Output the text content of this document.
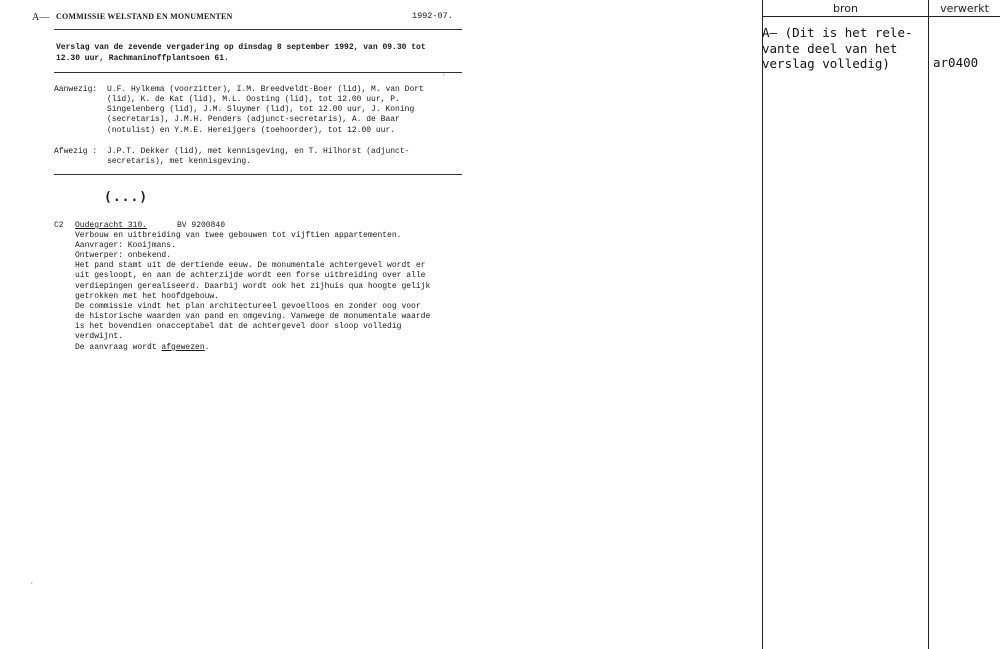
A— COMMISSIE WELSTAND EN MONUMENTEN	1992-07.
Verslag van de zevende vergadering op dinsdag 8 september 1992, van 09.30 tot
12.30 uur, Rachmaninoffplantsoen 61.
·
Aanwezig: U.F. Hylkema (voorzitter), I.M. Breedveldt-Boer (lid), M. van Dort
(lid), K. de Kat (lid), M.L. Oosting (lid), tot 12.00 uur, P.
Singelenberg (lid), J.M. Sluymer (lid), tot 12.00 uur, J. Koning
(secretaris), J.M.H. Penders (adjunct-secretaris), A. de Baar
(notulist) en Y.M.E. Hereijgers (toehoorder), tot 12.00 uur.
Afwezig : J.P.T. Dekker (lid), met kennisgeving, en T. Hilhorst (adjunct-
secretaris), met kennisgeving.
(...)
C2 Oudegracht 310.	BV 9200840
Verbouw en uitbreiding van twee gebouwen tot vijftien appartementen.
Aanvrager: Kooijmans.
Ontwerper: onbekend.
Het pand stamt uit de dertiende eeuw. De monumentale achtergevel wordt er
uit gesloopt, en aan de achterzijde wordt een forse uitbreiding over alle
verdiepingen gerealiseerd. Daarbij wordt ook het zijhuis qua hoogte gelijk
getrokken met het hoofdgebouw.
De commissie vindt het plan architectureel gevoelloos en zonder oog voor
de historische waarden van pand en omgeving. Vanwege de monumentale waarde
is het bovendien onacceptabel dat de achtergevel door sloop volledig
verdwijnt.
De aanvraag wordt afgewezen.
·
bron	verwerkt
A— (Dit is het rele-
vante deel van het
verslag volledig)	ar0400
